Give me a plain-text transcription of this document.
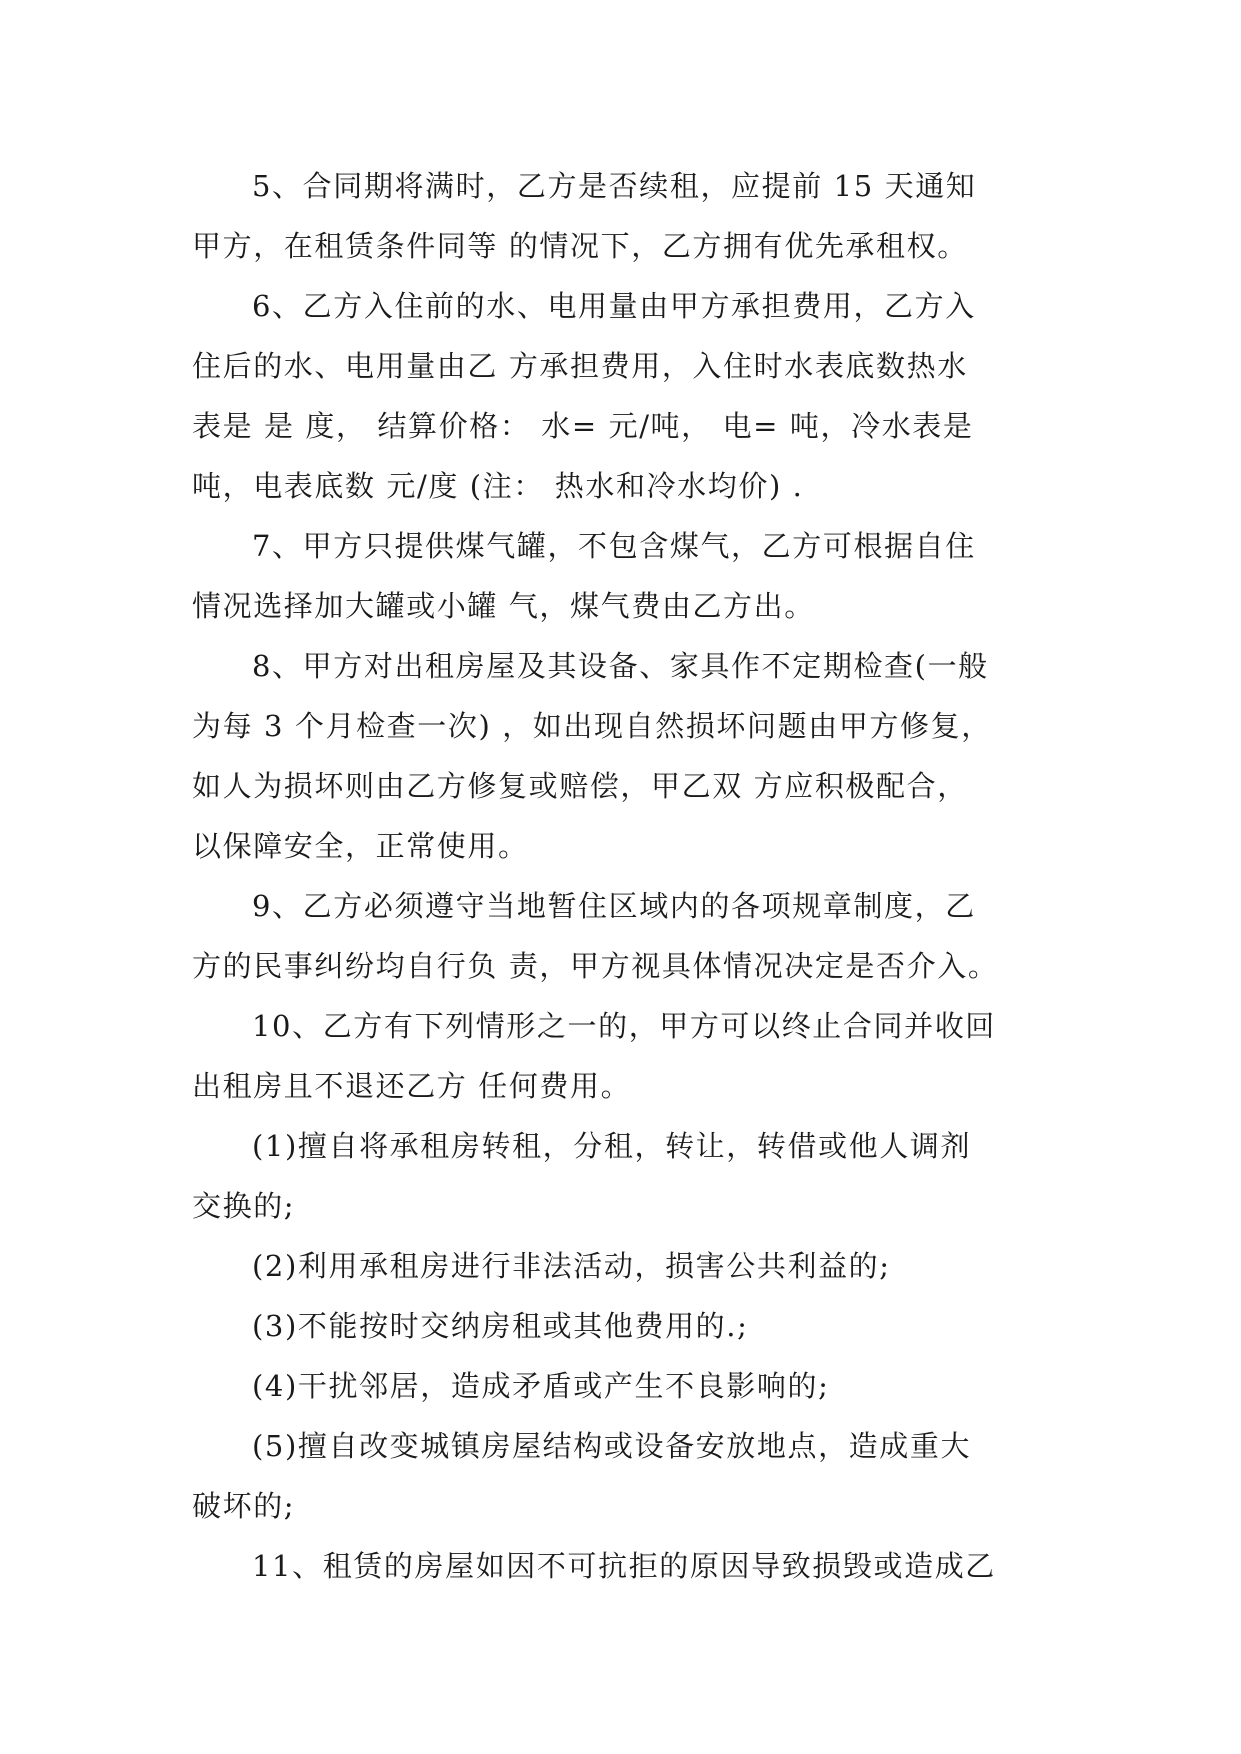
5、合同期将满时，乙方是否续租，应提前 15 天通知
甲方，在租赁条件同等 的情况下，乙方拥有优先承租权。
6、乙方入住前的水、电用量由甲方承担费用，乙方入
住后的水、电用量由乙 方承担费用，入住时水表底数热水
表是 是 度， 结算价格： 水= 元/吨， 电= 吨，冷水表是
吨，电表底数 元/度 (注： 热水和冷水均价) .
7、甲方只提供煤气罐，不包含煤气，乙方可根据自住
情况选择加大罐或小罐 气，煤气费由乙方出。
8、甲方对出租房屋及其设备、家具作不定期检查(一般
为每 3 个月检查一次) ，如出现自然损坏问题由甲方修复，
如人为损坏则由乙方修复或赔偿，甲乙双 方应积极配合，
以保障安全，正常使用。
9、乙方必须遵守当地暂住区域内的各项规章制度，乙
方的民事纠纷均自行负 责，甲方视具体情况决定是否介入。
10、乙方有下列情形之一的，甲方可以终止合同并收回
出租房且不退还乙方 任何费用。
(1)擅自将承租房转租，分租，转让，转借或他人调剂
交换的;
(2)利用承租房进行非法活动，损害公共利益的;
(3)不能按时交纳房租或其他费用的.;
(4)干扰邻居，造成矛盾或产生不良影响的;
(5)擅自改变城镇房屋结构或设备安放地点，造成重大
破坏的;
11、租赁的房屋如因不可抗拒的原因导致损毁或造成乙
